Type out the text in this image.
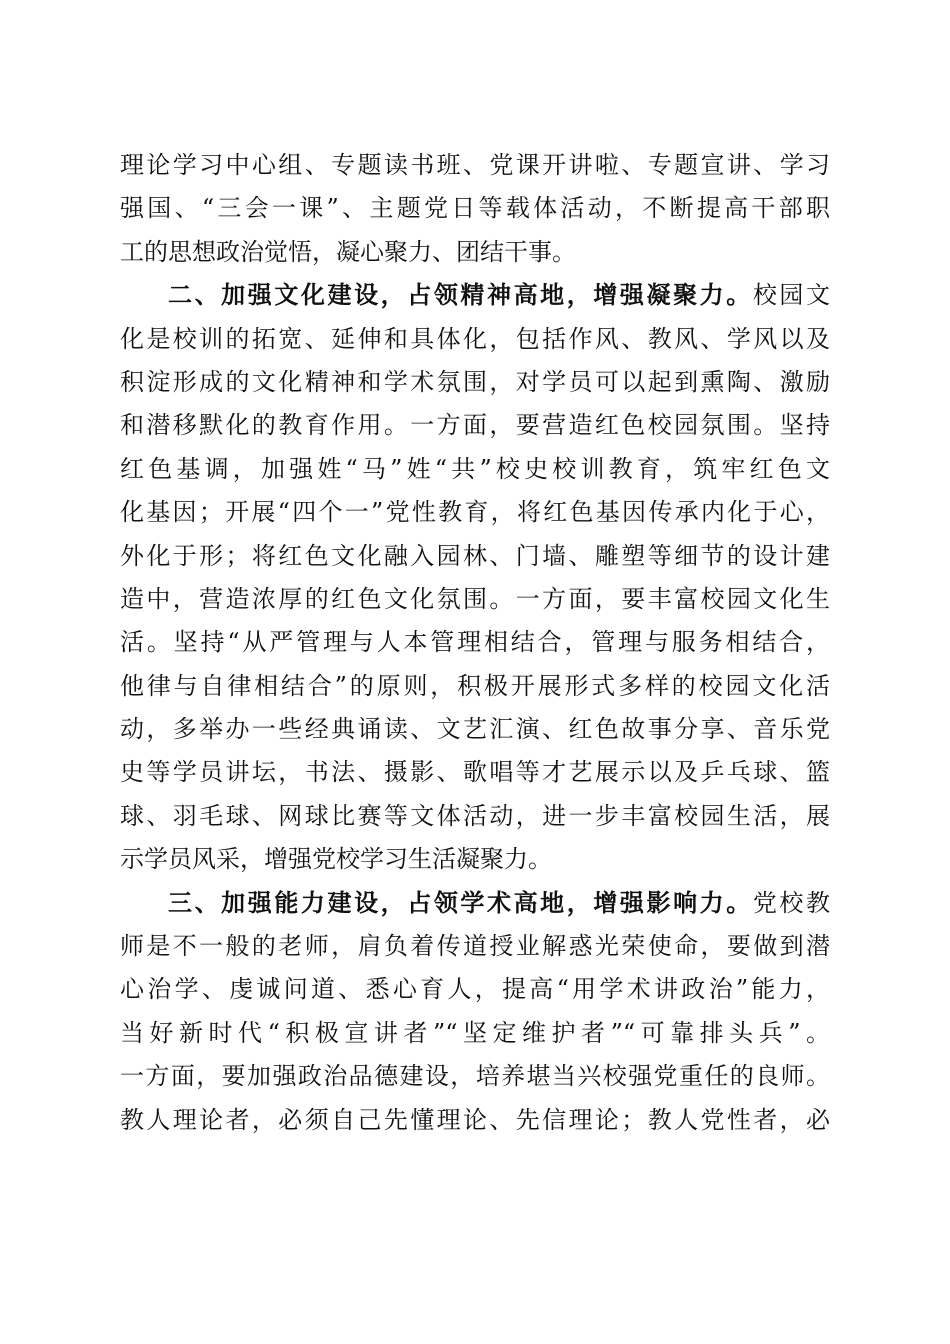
理论学习中心组、专题读书班、党课开讲啦、专题宣讲、学习
强国、“三会一课”、主题党日等载体活动，不断提高干部职
工的思想政治觉悟，凝心聚力、团结干事。
二、加强文化建设，占领精神高地，增强凝聚力。校园文
化是校训的拓宽、延伸和具体化，包括作风、教风、学风以及
积淀形成的文化精神和学术氛围，对学员可以起到熏陶、激励
和潜移默化的教育作用。一方面，要营造红色校园氛围。坚持
红色基调，加强姓“马”姓“共”校史校训教育，筑牢红色文
化基因；开展“四个一”党性教育，将红色基因传承内化于心，
外化于形；将红色文化融入园林、门墙、雕塑等细节的设计建
造中，营造浓厚的红色文化氛围。一方面，要丰富校园文化生
活。坚持“从严管理与人本管理相结合，管理与服务相结合，
他律与自律相结合”的原则，积极开展形式多样的校园文化活
动，多举办一些经典诵读、文艺汇演、红色故事分享、音乐党
史等学员讲坛，书法、摄影、歌唱等才艺展示以及乒乓球、篮
球、羽毛球、网球比赛等文体活动，进一步丰富校园生活，展
示学员风采，增强党校学习生活凝聚力。
三、加强能力建设，占领学术高地，增强影响力。党校教
师是不一般的老师，肩负着传道授业解惑光荣使命，要做到潜
心治学、虔诚问道、悉心育人，提高“用学术讲政治”能力，
当好新时代“积极宣讲者”“坚定维护者”“可靠排头兵”。
一方面，要加强政治品德建设，培养堪当兴校强党重任的良师。
教人理论者，必须自己先懂理论、先信理论；教人党性者，必
